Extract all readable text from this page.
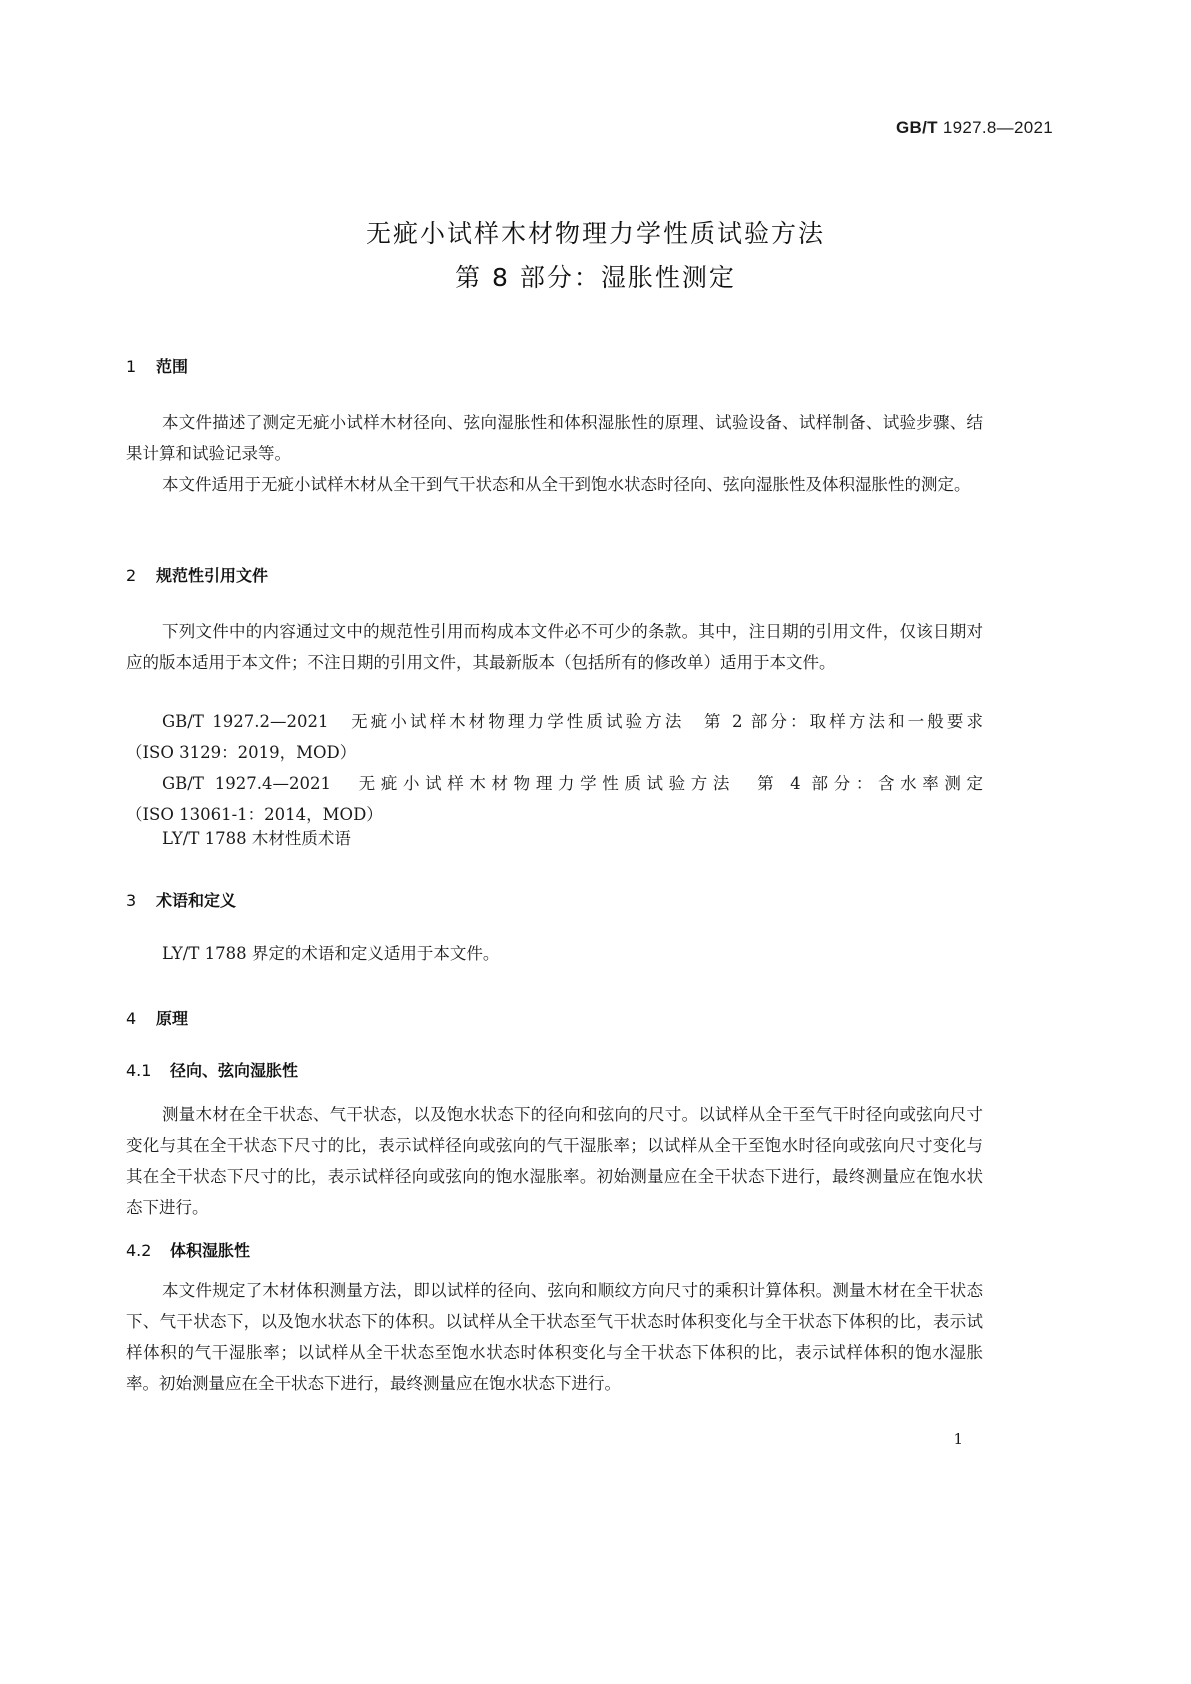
GB/T 1927.8—2021
无疵小试样木材物理力学性质试验方法
第 8 部分：湿胀性测定
1 范围

本文件描述了测定无疵小试样木材径向、弦向湿胀性和体积湿胀性的原理、试验设备、试样制备、试验步骤、结果计算和试验记录等。

本文件适用于无疵小试样木材从全干到气干状态和从全干到饱水状态时径向、弦向湿胀性及体积湿胀性的测定。

2 规范性引用文件

下列文件中的内容通过文中的规范性引用而构成本文件必不可少的条款。其中，注日期的引用文件，仅该日期对应的版本适用于本文件；不注日期的引用文件，其最新版本（包括所有的修改单）适用于本文件。

GB/T 1927.2—2021　无疵小试样木材物理力学性质试验方法　第 2 部分：取样方法和一般要求
（ISO 3129：2019，MOD）
GB/T 1927.4—2021　无疵小试样木材物理力学性质试验方法　第 4 部分：含水率测定
（ISO 13061-1：2014，MOD）
LY/T 1788 木材性质术语
3 术语和定义

LY/T 1788 界定的术语和定义适用于本文件。

4 原理
4.1 径向、弦向湿胀性

测量木材在全干状态、气干状态，以及饱水状态下的径向和弦向的尺寸。以试样从全干至气干时径向或弦向尺寸变化与其在全干状态下尺寸的比，表示试样径向或弦向的气干湿胀率；以试样从全干至饱水时径向或弦向尺寸变化与其在全干状态下尺寸的比，表示试样径向或弦向的饱水湿胀率。初始测量应在全干状态下进行，最终测量应在饱水状态下进行。

4.2 体积湿胀性

本文件规定了木材体积测量方法，即以试样的径向、弦向和顺纹方向尺寸的乘积计算体积。测量木材在全干状态下、气干状态下，以及饱水状态下的体积。以试样从全干状态至气干状态时体积变化与全干状态下体积的比，表示试样体积的气干湿胀率；以试样从全干状态至饱水状态时体积变化与全干状态下体积的比，表示试样体积的饱水湿胀率。初始测量应在全干状态下进行，最终测量应在饱水状态下进行。

1
